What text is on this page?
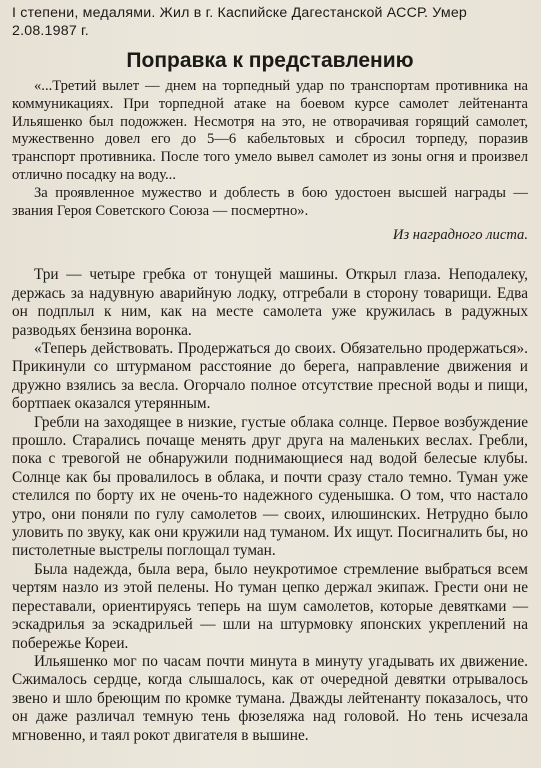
I степени, медалями. Жил в г. Каспийске Дагестанской АССР. Умер 2.08.1987 г.
Поправка к представлению

«...Третий вылет — днем на торпедный удар по транспортам противника на коммуникациях. При торпедной атаке на боевом курсе самолет лейтенанта Ильяшенко был подожжен. Несмотря на это, не отворачивая горящий самолет, мужественно довел его до 5—6 кабельтовых и сбросил торпеду, поразив транспорт противника. После того умело вывел самолет из зоны огня и произвел отлично посадку на воду...

За проявленное мужество и доблесть в бою удостоен высшей награды — звания Героя Советского Союза — посмертно».

Из наградного листа.

Три — четыре гребка от тонущей машины. Открыл глаза. Неподалеку, держась за надувную аварийную лодку, отгребали в сторону товарищи. Едва он подплыл к ним, как на месте самолета уже кружилась в радужных разводьях бензина воронка.

«Теперь действовать. Продержаться до своих. Обязательно продержаться». Прикинули со штурманом расстояние до берега, направление движения и дружно взялись за весла. Огорчало полное отсутствие пресной воды и пищи, бортпаек оказался утерянным.

Гребли на заходящее в низкие, густые облака солнце. Первое возбуждение прошло. Старались почаще менять друг друга на маленьких веслах. Гребли, пока с тревогой не обнаружили поднимающиеся над водой белесые клубы. Солнце как бы провалилось в облака, и почти сразу стало темно. Туман уже стелился по борту их не очень-то надежного суденышка. О том, что настало утро, они поняли по гулу самолетов — своих, илюшинских. Нетрудно было уловить по звуку, как они кружили над туманом. Их ищут. Посигналить бы, но пистолетные выстрелы поглощал туман.

Была надежда, была вера, было неукротимое стремление выбраться всем чертям назло из этой пелены. Но туман цепко держал экипаж. Грести они не переставали, ориентируясь теперь на шум самолетов, которые девятками — эскадрилья за эскадрильей — шли на штурмовку японских укреплений на побережье Кореи.

Ильяшенко мог по часам почти минута в минуту угадывать их движение. Сжималось сердце, когда слышалось, как от очередной девятки отрывалось звено и шло бреющим по кромке тумана. Дважды лейтенанту показалось, что он даже различал темную тень фюзеляжа над головой. Но тень исчезала мгновенно, и таял рокот двигателя в вышине.
